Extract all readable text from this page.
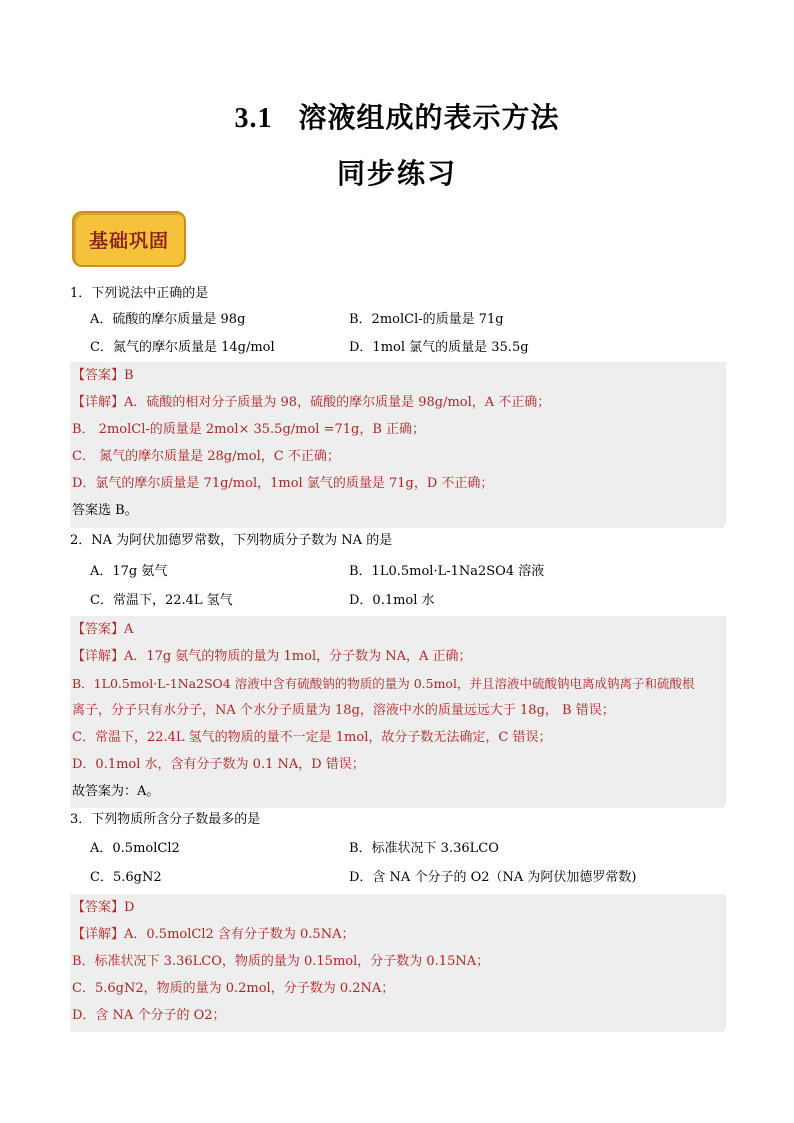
3.1 溶液组成的表示方法
同步练习
基础巩固
1．下列说法中正确的是
A．硫酸的摩尔质量是 98g	B．2molCl-的质量是 71g
C．氮气的摩尔质量是 14g/mol	D．1mol 氯气的质量是 35.5g
【答案】B
【详解】A．硫酸的相对分子质量为 98，硫酸的摩尔质量是 98g/mol，A 不正确；
B． 2molCl-的质量是 2mol× 35.5g/mol =71g，B 正确；
C． 氮气的摩尔质量是 28g/mol，C 不正确；
D．氯气的摩尔质量是 71g/mol，1mol 氯气的质量是 71g，D 不正确；
答案选 B。
2．NA 为阿伏加德罗常数，下列物质分子数为 NA 的是
A．17g 氨气	B．1L0.5mol·L-1Na2SO4 溶液
C．常温下，22.4L 氢气	D．0.1mol 水
【答案】A
【详解】A．17g 氨气的物质的量为 1mol，分子数为 NA，A 正确；
B．1L0.5mol·L-1Na2SO4 溶液中含有硫酸钠的物质的量为 0.5mol，并且溶液中硫酸钠电离成钠离子和硫酸根
离子，分子只有水分子，NA 个水分子质量为 18g，溶液中水的质量远远大于 18g， B 错误；
C．常温下，22.4L 氢气的物质的量不一定是 1mol，故分子数无法确定，C 错误；
D．0.1mol 水，含有分子数为 0.1 NA，D 错误；
故答案为：A。
3．下列物质所含分子数最多的是
A．0.5molCl2	B．标准状况下 3.36LCO
C．5.6gN2	D．含 NA 个分子的 O2（NA 为阿伏加德罗常数)
【答案】D
【详解】A．0.5molCl2 含有分子数为 0.5NA；
B．标准状况下 3.36LCO，物质的量为 0.15mol，分子数为 0.15NA；
C．5.6gN2，物质的量为 0.2mol，分子数为 0.2NA；
D．含 NA 个分子的 O2；
